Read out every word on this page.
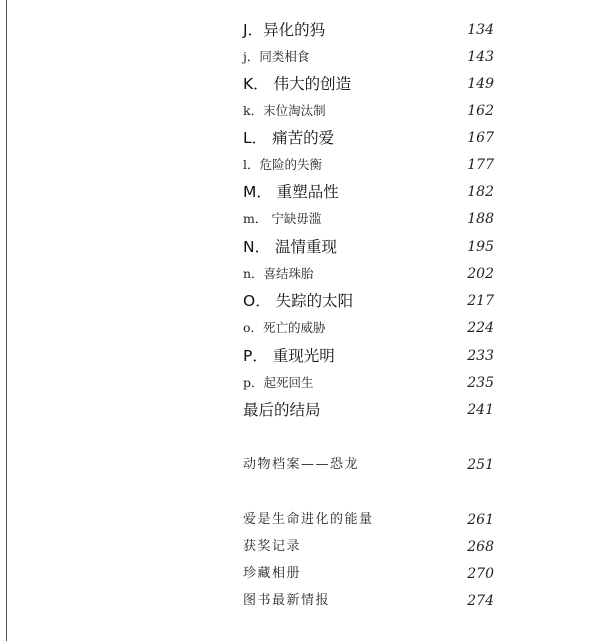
J．异化的犸	134
j．同类相食	143
K． 伟大的创造	149
k．末位淘汰制	162
L． 痛苦的爱	167
l．危险的失衡	177
M． 重塑品性	182
m． 宁缺毋滥	188
N． 温情重现	195
n．喜结珠胎	202
O． 失踪的太阳	217
o．死亡的威胁	224
P． 重现光明	233
p．起死回生	235
最后的结局	241
动物档案——恐龙	251
爱是生命进化的能量	261
获奖记录	268
珍藏相册	270
图书最新情报	274
